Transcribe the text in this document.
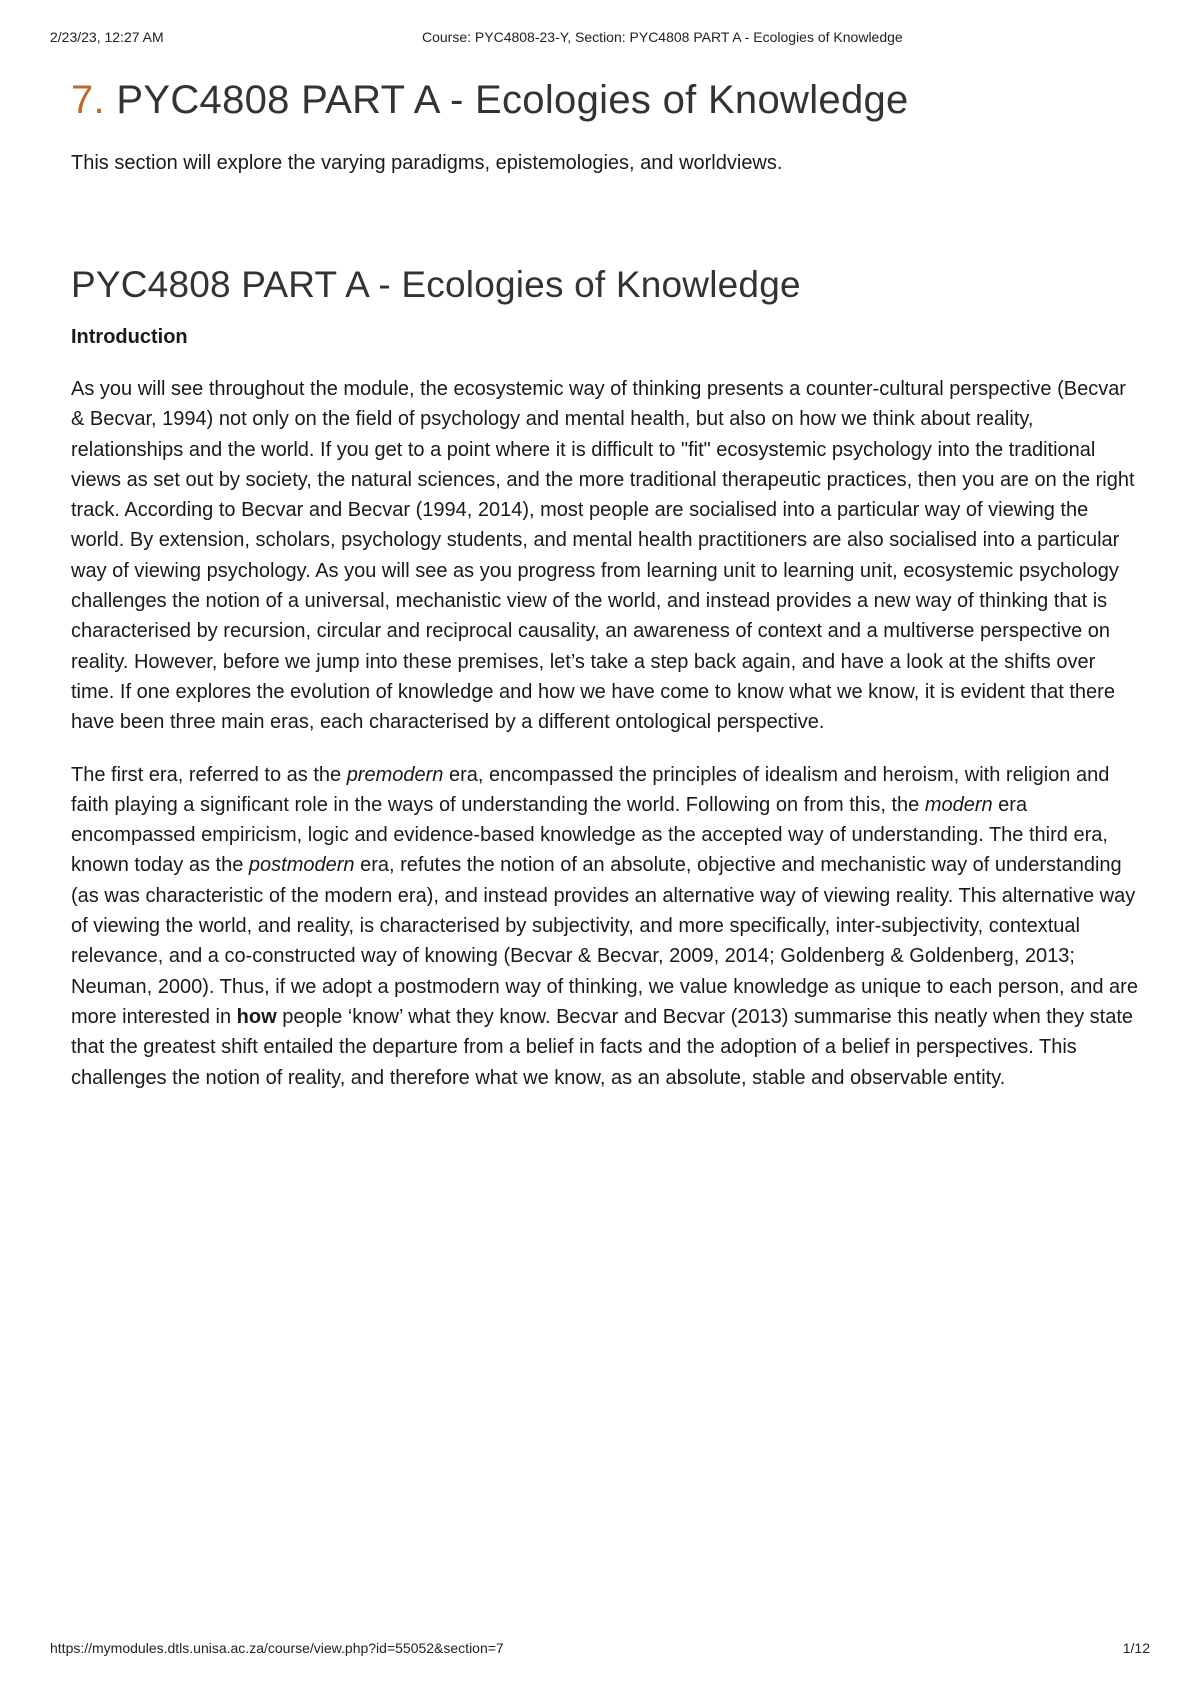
2/23/23, 12:27 AM	Course: PYC4808-23-Y, Section: PYC4808 PART A - Ecologies of Knowledge
7. PYC4808 PART A - Ecologies of Knowledge

This section will explore the varying paradigms, epistemologies, and worldviews.

PYC4808 PART A - Ecologies of Knowledge

Introduction

As you will see throughout the module, the ecosystemic way of thinking presents a counter-cultural perspective (Becvar & Becvar, 1994) not only on the field of psychology and mental health, but also on how we think about reality, relationships and the world. If you get to a point where it is difficult to "fit" ecosystemic psychology into the traditional views as set out by society, the natural sciences, and the more traditional therapeutic practices, then you are on the right track. According to Becvar and Becvar (1994, 2014), most people are socialised into a particular way of viewing the world. By extension, scholars, psychology students, and mental health practitioners are also socialised into a particular way of viewing psychology. As you will see as you progress from learning unit to learning unit, ecosystemic psychology challenges the notion of a universal, mechanistic view of the world, and instead provides a new way of thinking that is characterised by recursion, circular and reciprocal causality, an awareness of context and a multiverse perspective on reality. However, before we jump into these premises, let’s take a step back again, and have a look at the shifts over time. If one explores the evolution of knowledge and how we have come to know what we know, it is evident that there have been three main eras, each characterised by a different ontological perspective.

The first era, referred to as the premodern era, encompassed the principles of idealism and heroism, with religion and faith playing a significant role in the ways of understanding the world. Following on from this, the modern era encompassed empiricism, logic and evidence-based knowledge as the accepted way of understanding. The third era, known today as the postmodern era, refutes the notion of an absolute, objective and mechanistic way of understanding (as was characteristic of the modern era), and instead provides an alternative way of viewing reality. This alternative way of viewing the world, and reality, is characterised by subjectivity, and more specifically, inter-subjectivity, contextual relevance, and a co-constructed way of knowing (Becvar & Becvar, 2009, 2014; Goldenberg & Goldenberg, 2013; Neuman, 2000). Thus, if we adopt a postmodern way of thinking, we value knowledge as unique to each person, and are more interested in how people ‘know’ what they know. Becvar and Becvar (2013) summarise this neatly when they state that the greatest shift entailed the departure from a belief in facts and the adoption of a belief in perspectives. This challenges the notion of reality, and therefore what we know, as an absolute, stable and observable entity.

https://mymodules.dtls.unisa.ac.za/course/view.php?id=55052&section=7	1/12
